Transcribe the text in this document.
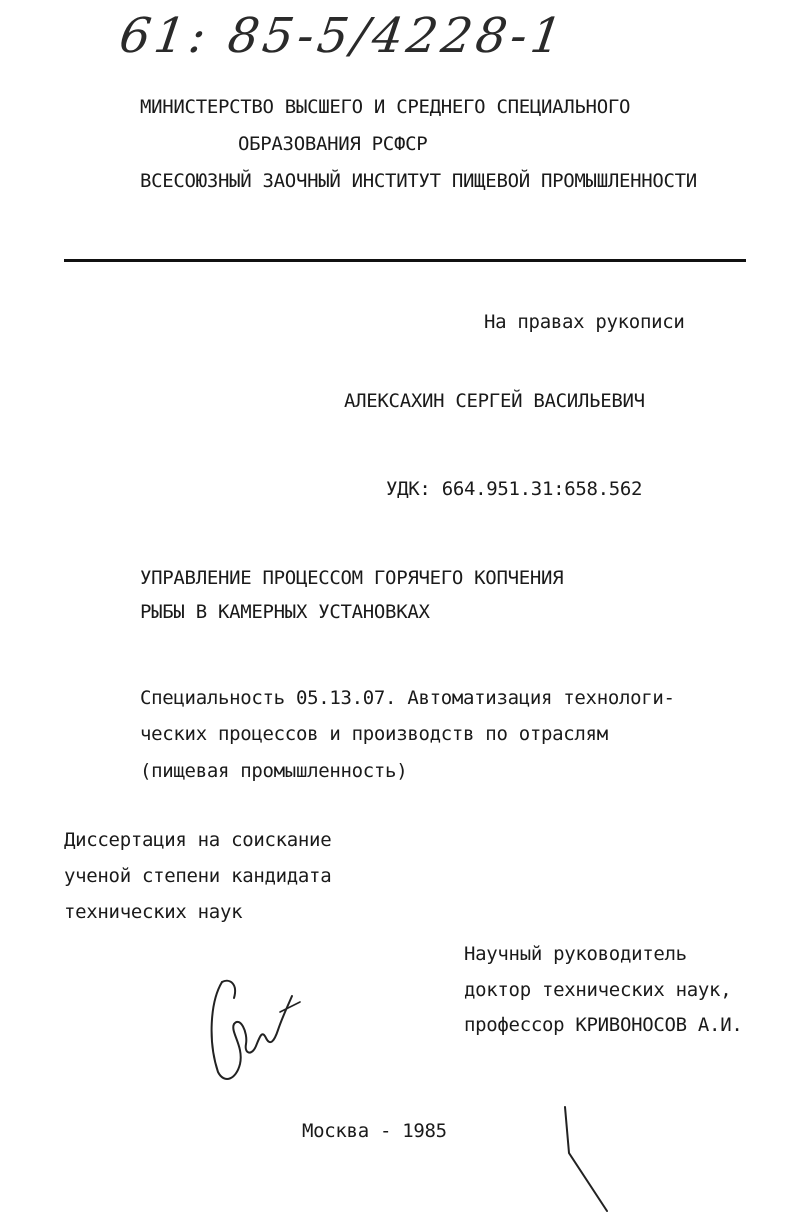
61: 85-5/4228-1
МИНИСТЕРСТВО ВЫСШЕГО И СРЕДНЕГО СПЕЦИАЛЬНОГО
ОБРАЗОВАНИЯ РСФСР
ВСЕСОЮЗНЫЙ ЗАОЧНЫЙ ИНСТИТУТ ПИЩЕВОЙ ПРОМЫШЛЕННОСТИ
На правах рукописи
АЛЕКСАХИН СЕРГЕЙ ВАСИЛЬЕВИЧ
УДК: 664.951.31:658.562
УПРАВЛЕНИЕ ПРОЦЕССОМ ГОРЯЧЕГО КОПЧЕНИЯ
РЫБЫ В КАМЕРНЫХ УСТАНОВКАХ
Специальность 05.13.07. Автоматизация технологи-
ческих процессов и производств по отраслям
(пищевая промышленность)
Диссертация на соискание
ученой степени кандидата
технических наук
Научный руководитель
доктор технических наук,
профессор КРИВОНОСОВ А.И.
Москва - 1985
